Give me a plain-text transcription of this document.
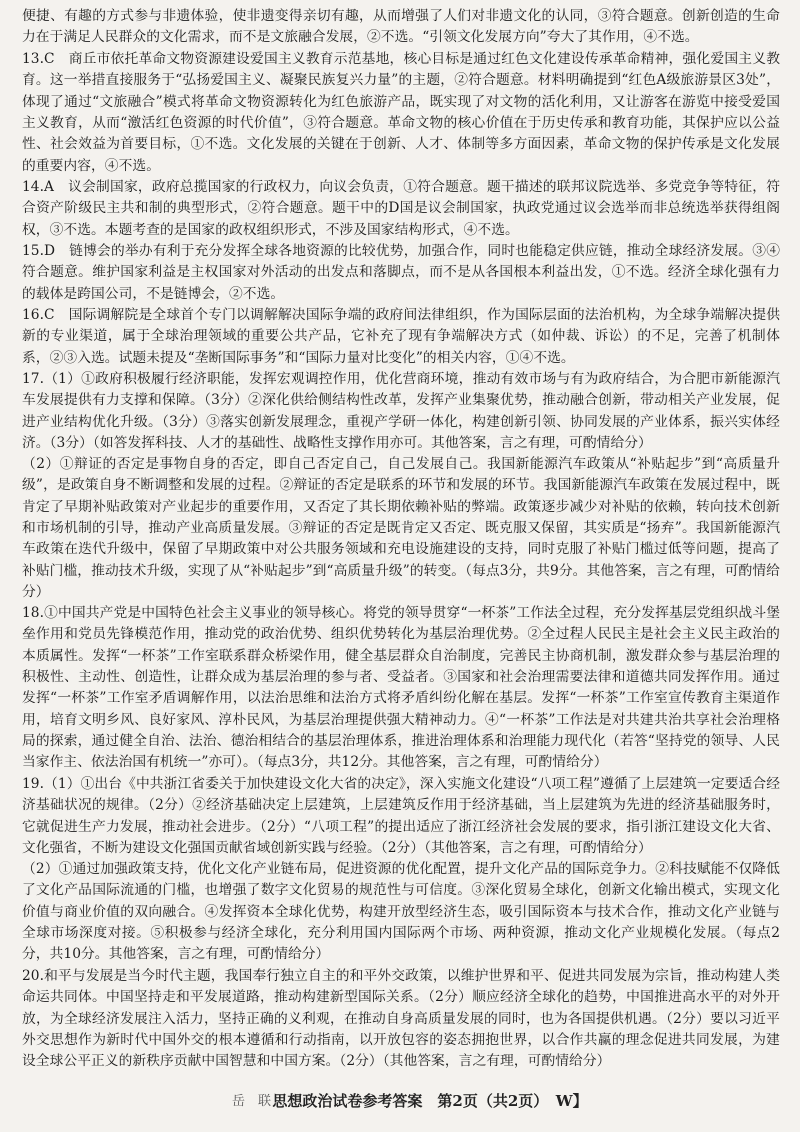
便捷、有趣的方式参与非遗体验，使非遗变得亲切有趣，从而增强了人们对非遗文化的认同，③符合题意。创新创造的生命力在于满足人民群众的文化需求，而不是文旅融合发展，②不选。“引领文化发展方向”夸大了其作用，④不选。
13.C　商丘市依托革命文物资源建设爱国主义教育示范基地，核心目标是通过红色文化建设传承革命精神，强化爱国主义教育。这一举措直接服务于“弘扬爱国主义、凝聚民族复兴力量”的主题，②符合题意。材料明确提到“红色A级旅游景区3处”，体现了通过“文旅融合”模式将革命文物资源转化为红色旅游产品，既实现了对文物的活化利用，又让游客在游览中接受爱国主义教育，从而“激活红色资源的时代价值”，③符合题意。革命文物的核心价值在于历史传承和教育功能，其保护应以公益性、社会效益为首要目标，①不选。文化发展的关键在于创新、人才、体制等多方面因素，革命文物的保护传承是文化发展的重要内容，④不选。
14.A　议会制国家，政府总揽国家的行政权力，向议会负责，①符合题意。题干描述的联邦议院选举、多党竞争等特征，符合资产阶级民主共和制的典型形式，②符合题意。题干中的D国是议会制国家，执政党通过议会选举而非总统选举获得组阁权，③不选。本题考查的是国家的政权组织形式，不涉及国家结构形式，④不选。
15.D　链博会的举办有利于充分发挥全球各地资源的比较优势，加强合作，同时也能稳定供应链，推动全球经济发展。③④符合题意。维护国家利益是主权国家对外活动的出发点和落脚点，而不是从各国根本利益出发，①不选。经济全球化强有力的载体是跨国公司，不是链博会，②不选。
16.C　国际调解院是全球首个专门以调解解决国际争端的政府间法律组织，作为国际层面的法治机构，为全球争端解决提供新的专业渠道，属于全球治理领域的重要公共产品，它补充了现有争端解决方式（如仲裁、诉讼）的不足，完善了机制体系，②③入选。试题未提及“垄断国际事务”和“国际力量对比变化”的相关内容，①④不选。
17.（1）①政府积极履行经济职能，发挥宏观调控作用，优化营商环境，推动有效市场与有为政府结合，为合肥市新能源汽车发展提供有力支撑和保障。（3分）②深化供给侧结构性改革，发挥产业集聚优势，推动融合创新，带动相关产业发展，促进产业结构优化升级。（3分）③落实创新发展理念，重视产学研一体化，构建创新引领、协同发展的产业体系，振兴实体经济。（3分）（如答发挥科技、人才的基础性、战略性支撑作用亦可。其他答案，言之有理，可酌情给分）
（2）①辩证的否定是事物自身的否定，即自己否定自己，自己发展自己。我国新能源汽车政策从“补贴起步”到“高质量升级”，是政策自身不断调整和发展的过程。②辩证的否定是联系的环节和发展的环节。我国新能源汽车政策在发展过程中，既肯定了早期补贴政策对产业起步的重要作用，又否定了其长期依赖补贴的弊端。政策逐步减少对补贴的依赖，转向技术创新和市场机制的引导，推动产业高质量发展。③辩证的否定是既肯定又否定、既克服又保留，其实质是“扬弃”。我国新能源汽车政策在迭代升级中，保留了早期政策中对公共服务领域和充电设施建设的支持，同时克服了补贴门槛过低等问题，提高了补贴门槛，推动技术升级，实现了从“补贴起步”到“高质量升级”的转变。（每点3分，共9分。其他答案，言之有理，可酌情给分）
18.①中国共产党是中国特色社会主义事业的领导核心。将党的领导贯穿“一杯茶”工作法全过程，充分发挥基层党组织战斗堡垒作用和党员先锋模范作用，推动党的政治优势、组织优势转化为基层治理优势。②全过程人民民主是社会主义民主政治的本质属性。发挥“一杯茶”工作室联系群众桥梁作用，健全基层群众自治制度，完善民主协商机制，激发群众参与基层治理的积极性、主动性、创造性，让群众成为基层治理的参与者、受益者。③国家和社会治理需要法律和道德共同发挥作用。通过发挥“一杯茶”工作室矛盾调解作用，以法治思维和法治方式将矛盾纠纷化解在基层。发挥“一杯茶”工作室宣传教育主渠道作用，培育文明乡风、良好家风、淳朴民风，为基层治理提供强大精神动力。④“一杯茶”工作法是对共建共治共享社会治理格局的探索，通过健全自治、法治、德治相结合的基层治理体系，推进治理体系和治理能力现代化（若答“坚持党的领导、人民当家作主、依法治国有机统一”亦可）。（每点3分，共12分。其他答案，言之有理，可酌情给分）
19.（1）①出台《中共浙江省委关于加快建设文化大省的决定》，深入实施文化建设“八项工程”遵循了上层建筑一定要适合经济基础状况的规律。（2分）②经济基础决定上层建筑，上层建筑反作用于经济基础，当上层建筑为先进的经济基础服务时，它就促进生产力发展，推动社会进步。（2分）“八项工程”的提出适应了浙江经济社会发展的要求，指引浙江建设文化大省、文化强省，不断为建设文化强国贡献省域创新实践与经验。（2分）（其他答案，言之有理，可酌情给分）
（2）①通过加强政策支持，优化文化产业链布局，促进资源的优化配置，提升文化产品的国际竞争力。②科技赋能不仅降低了文化产品国际流通的门槛，也增强了数字文化贸易的规范性与可信度。③深化贸易全球化，创新文化输出模式，实现文化价值与商业价值的双向融合。④发挥资本全球化优势，构建开放型经济生态，吸引国际资本与技术合作，推动文化产业链与全球市场深度对接。⑤积极参与经济全球化，充分利用国内国际两个市场、两种资源，推动文化产业规模化发展。（每点2分，共10分。其他答案，言之有理，可酌情给分）
20.和平与发展是当今时代主题，我国奉行独立自主的和平外交政策，以维护世界和平、促进共同发展为宗旨，推动构建人类命运共同体。中国坚持走和平发展道路，推动构建新型国际关系。（2分）顺应经济全球化的趋势，中国推进高水平的对外开放，为全球经济发展注入活力，坚持正确的义利观，在推动自身高质量发展的同时，也为各国提供机遇。（2分）要以习近平外交思想作为新时代中国外交的根本遵循和行动指南，以开放包容的姿态拥抱世界，以合作共赢的理念促进共同发展，为建设全球公平正义的新秩序贡献中国智慧和中国方案。（2分）（其他答案，言之有理，可酌情给分）
岳　联 思想政治试卷参考答案　第2页（共2页）　W】
